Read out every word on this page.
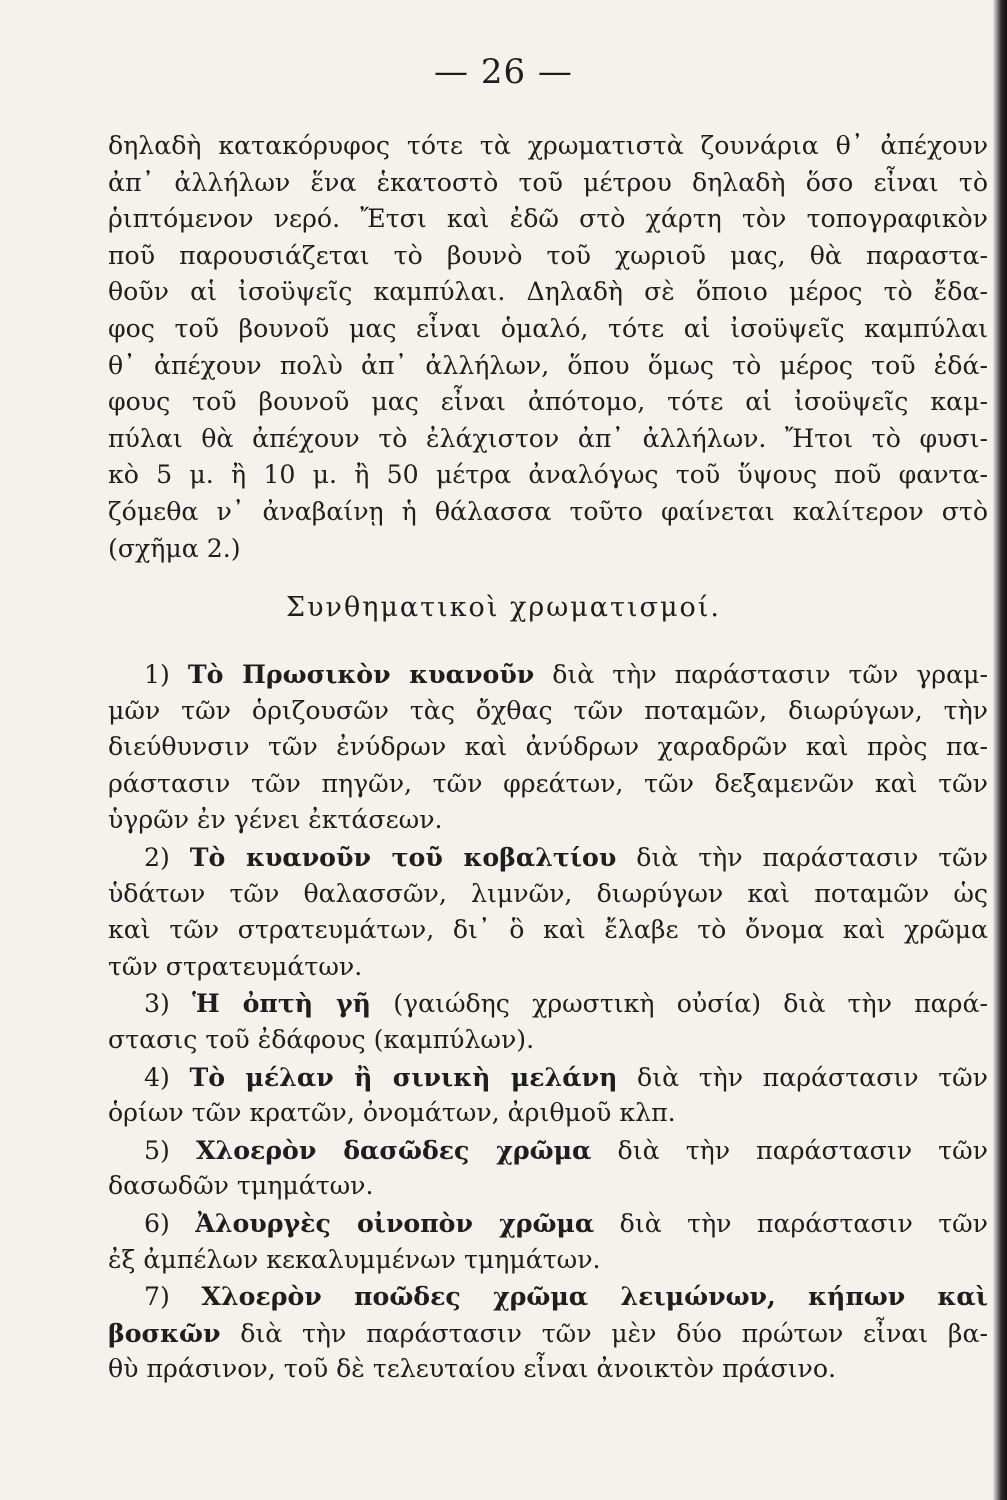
— 26 —
δηλαδὴ κατακόρυφος τότε τὰ χρωματιστὰ ζουνάρια θ᾽ ἀπέχουν
ἀπ᾽ ἀλλήλων ἕνα ἑκατοστὸ τοῦ μέτρου δηλαδὴ ὅσο εἶναι τὸ
ῥιπτόμενον νερό. Ἔτσι καὶ ἐδῶ στὸ χάρτη τὸν τοπογραφικὸν
ποῦ παρουσιάζεται τὸ βουνὸ τοῦ χωριοῦ μας, θὰ παραστα-
θοῦν αἱ ἰσοϋψεῖς καμπύλαι. Δηλαδὴ σὲ ὅποιο μέρος τὸ ἔδα-
φος τοῦ βουνοῦ μας εἶναι ὁμαλό, τότε αἱ ἰσοϋψεῖς καμπύλαι
θ᾽ ἀπέχουν πολὺ ἀπ᾽ ἀλλήλων, ὅπου ὅμως τὸ μέρος τοῦ ἐδά-
φους τοῦ βουνοῦ μας εἶναι ἀπότομο, τότε αἱ ἰσοϋψεῖς καμ-
πύλαι θὰ ἀπέχουν τὸ ἐλάχιστον ἀπ᾽ ἀλλήλων. Ἤτοι τὸ φυσι-
κὸ 5 μ. ἢ 10 μ. ἢ 50 μέτρα ἀναλόγως τοῦ ὕψους ποῦ φαντα-
ζόμεθα ν᾽ ἀναβαίνῃ ἡ θάλασσα τοῦτο φαίνεται καλίτερον στὸ
(σχῆμα 2.)
Συνθηματικοὶ χρωματισμοί.
1) Τὸ Πρωσικὸν κυανοῦν διὰ τὴν παράστασιν τῶν γραμ-
μῶν τῶν ὁριζουσῶν τὰς ὄχθας τῶν ποταμῶν, διωρύγων, τὴν
διεύθυνσιν τῶν ἐνύδρων καὶ ἀνύδρων χαραδρῶν καὶ πρὸς πα-
ράστασιν τῶν πηγῶν, τῶν φρεάτων, τῶν δεξαμενῶν καὶ τῶν
ὑγρῶν ἐν γένει ἐκτάσεων.
2) Τὸ κυανοῦν τοῦ κοβαλτίου διὰ τὴν παράστασιν τῶν
ὑδάτων τῶν θαλασσῶν, λιμνῶν, διωρύγων καὶ ποταμῶν ὡς
καὶ τῶν στρατευμάτων, δι᾽ ὃ καὶ ἔλαβε τὸ ὄνομα καὶ χρῶμα
τῶν στρατευμάτων.
3) Ἡ ὀπτὴ γῆ (γαιώδης χρωστικὴ οὐσία) διὰ τὴν παρά-
στασις τοῦ ἐδάφους (καμπύλων).
4) Τὸ μέλαν ἢ σινικὴ μελάνη διὰ τὴν παράστασιν τῶν
ὁρίων τῶν κρατῶν, ὀνομάτων, ἀριθμοῦ κλπ.
5) Χλοερὸν δασῶδες χρῶμα διὰ τὴν παράστασιν τῶν
δασωδῶν τμημάτων.
6) Ἀλουργὲς οἰνοπὸν χρῶμα διὰ τὴν παράστασιν τῶν
ἐξ ἀμπέλων κεκαλυμμένων τμημάτων.
7) Χλοερὸν ποῶδες χρῶμα λειμώνων, κήπων καὶ
βοσκῶν διὰ τὴν παράστασιν τῶν μὲν δύο πρώτων εἶναι βα-
θὺ πράσινον, τοῦ δὲ τελευταίου εἶναι ἀνοικτὸν πράσινο.
